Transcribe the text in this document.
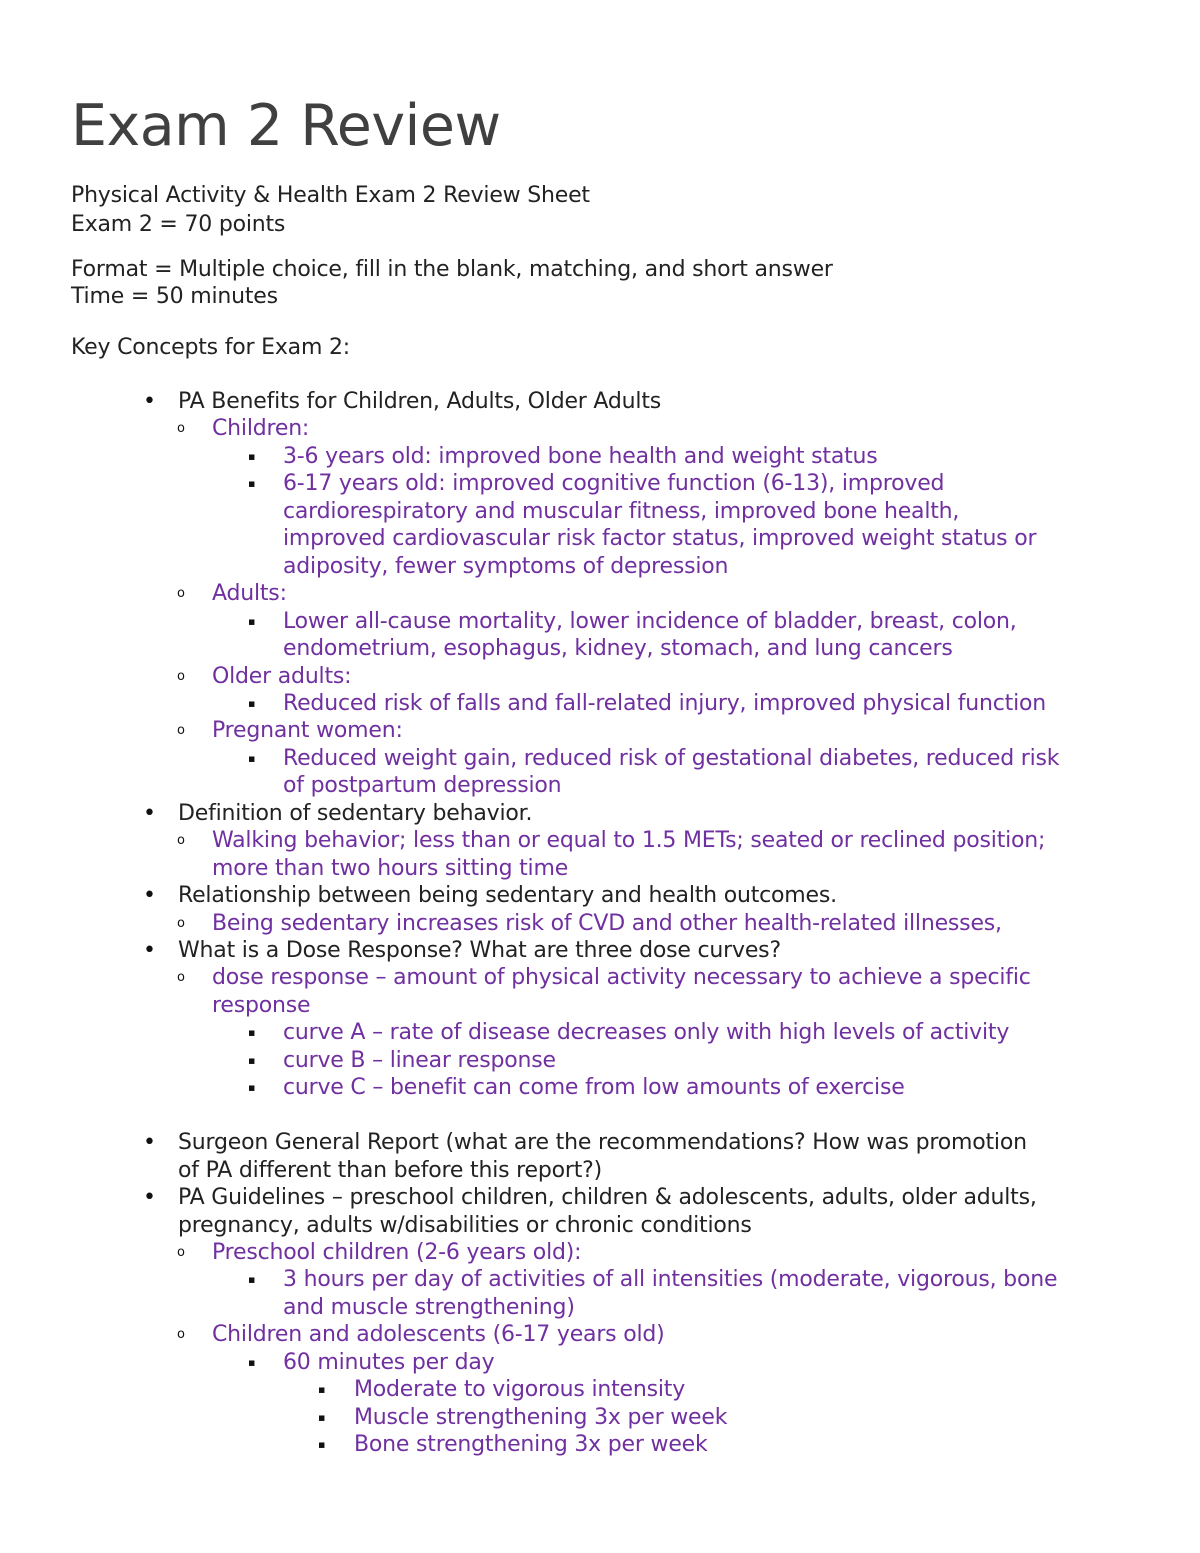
Exam 2 Review
Physical Activity & Health Exam 2 Review Sheet
Exam 2 = 70 points
Format = Multiple choice, fill in the blank, matching, and short answer
Time = 50 minutes
Key Concepts for Exam 2:
• PA Benefits for Children, Adults, Older Adults
o Children:
▪ 3-6 years old: improved bone health and weight status
▪ 6-17 years old: improved cognitive function (6-13), improved
cardiorespiratory and muscular fitness, improved bone health,
improved cardiovascular risk factor status, improved weight status or
adiposity, fewer symptoms of depression
o Adults:
▪ Lower all-cause mortality, lower incidence of bladder, breast, colon,
endometrium, esophagus, kidney, stomach, and lung cancers
o Older adults:
▪ Reduced risk of falls and fall-related injury, improved physical function
o Pregnant women:
▪ Reduced weight gain, reduced risk of gestational diabetes, reduced risk
of postpartum depression
• Definition of sedentary behavior.
o Walking behavior; less than or equal to 1.5 METs; seated or reclined position;
more than two hours sitting time
• Relationship between being sedentary and health outcomes.
o Being sedentary increases risk of CVD and other health-related illnesses,
• What is a Dose Response? What are three dose curves?
o dose response – amount of physical activity necessary to achieve a specific
response
▪ curve A – rate of disease decreases only with high levels of activity
▪ curve B – linear response
▪ curve C – benefit can come from low amounts of exercise
• Surgeon General Report (what are the recommendations? How was promotion
of PA different than before this report?)
• PA Guidelines – preschool children, children & adolescents, adults, older adults,
pregnancy, adults w/disabilities or chronic conditions
o Preschool children (2-6 years old):
▪ 3 hours per day of activities of all intensities (moderate, vigorous, bone
and muscle strengthening)
o Children and adolescents (6-17 years old)
▪ 60 minutes per day
▪ Moderate to vigorous intensity
▪ Muscle strengthening 3x per week
▪ Bone strengthening 3x per week
